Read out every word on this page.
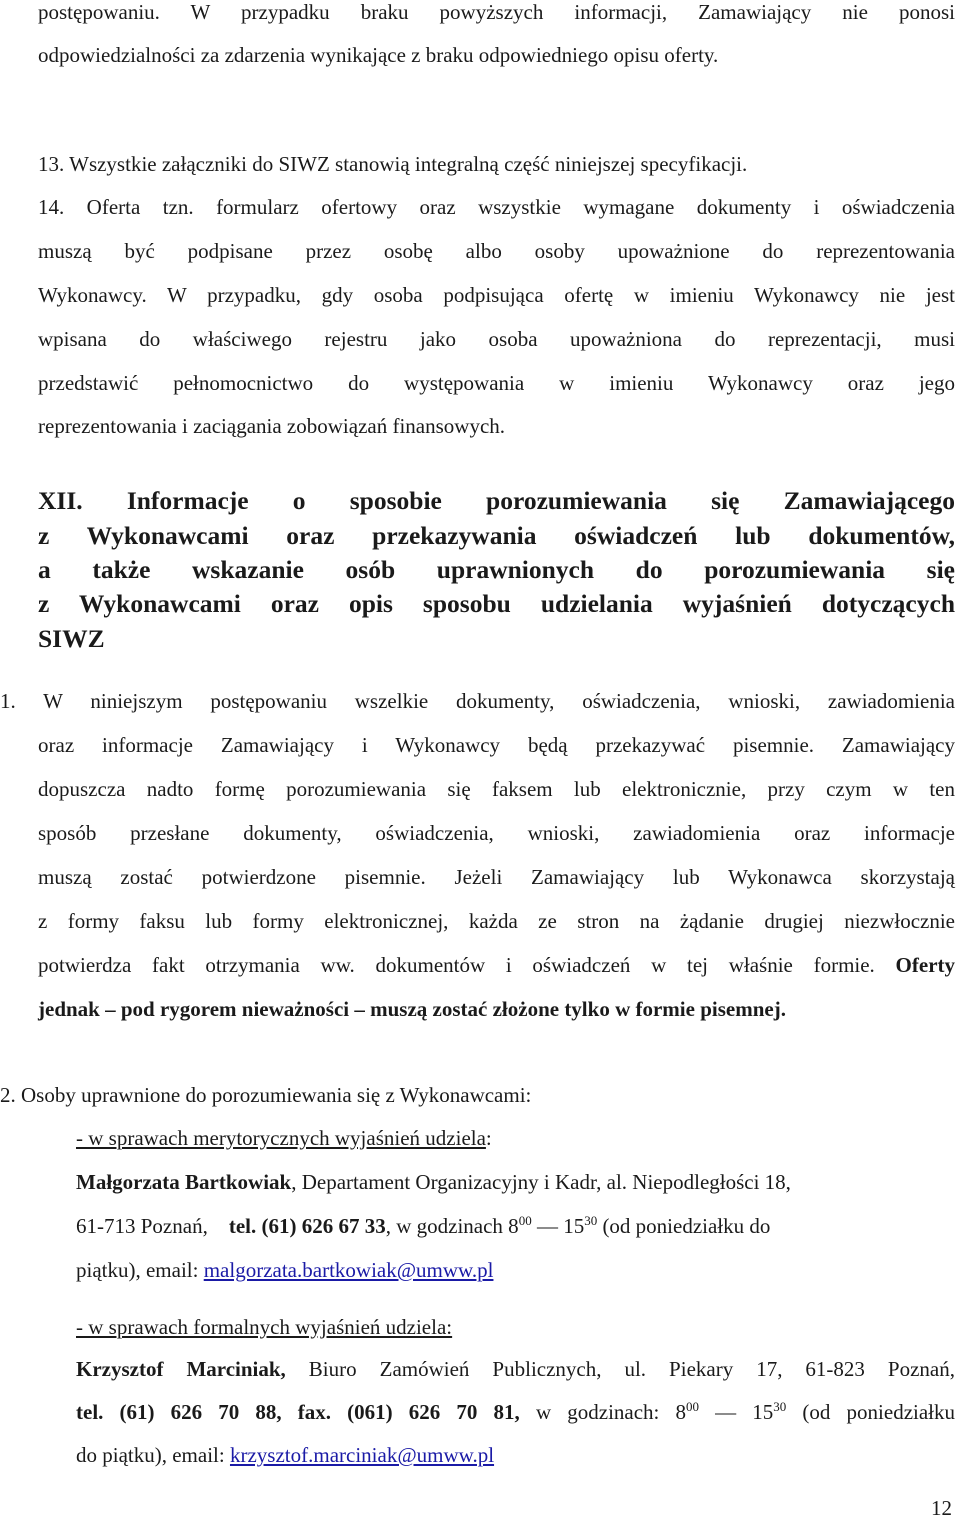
postępowaniu. W przypadku braku powyższych informacji, Zamawiający nie ponosi
odpowiedzialności za zdarzenia wynikające z braku odpowiedniego opisu oferty.
13. Wszystkie załączniki do SIWZ stanowią integralną część niniejszej specyfikacji.
14. Oferta tzn. formularz ofertowy oraz wszystkie wymagane dokumenty i oświadczenia
muszą być podpisane przez osobę albo osoby upoważnione do reprezentowania
Wykonawcy. W przypadku, gdy osoba podpisująca ofertę w imieniu Wykonawcy nie jest
wpisana do właściwego rejestru jako osoba upoważniona do reprezentacji, musi
przedstawić pełnomocnictwo do występowania w imieniu Wykonawcy oraz jego
reprezentowania i zaciągania zobowiązań finansowych.
XII. Informacje o sposobie porozumiewania się Zamawiającego
z Wykonawcami oraz przekazywania oświadczeń lub dokumentów,
a także wskazanie osób uprawnionych do porozumiewania się
z Wykonawcami oraz opis sposobu udzielania wyjaśnień dotyczących
SIWZ
1. W niniejszym postępowaniu wszelkie dokumenty, oświadczenia, wnioski, zawiadomienia
oraz informacje Zamawiający i Wykonawcy będą przekazywać pisemnie. Zamawiający
dopuszcza nadto formę porozumiewania się faksem lub elektronicznie, przy czym w ten
sposób przesłane dokumenty, oświadczenia, wnioski, zawiadomienia oraz informacje
muszą zostać potwierdzone pisemnie. Jeżeli Zamawiający lub Wykonawca skorzystają
z formy faksu lub formy elektronicznej, każda ze stron na żądanie drugiej niezwłocznie
potwierdza fakt otrzymania ww. dokumentów i oświadczeń w tej właśnie formie. Oferty
jednak – pod rygorem nieważności – muszą zostać złożone tylko w formie pisemnej.
2. Osoby uprawnione do porozumiewania się z Wykonawcami:
- w sprawach merytorycznych wyjaśnień udziela:
Małgorzata Bartkowiak, Departament Organizacyjny i Kadr, al. Niepodległości 18,
61-713 Poznań, tel. (61) 626 67 33, w godzinach $8^{00}$ — $15^{30}$ (od poniedziałku do
piątku), email: malgorzata.bartkowiak@umww.pl
- w sprawach formalnych wyjaśnień udziela:
Krzysztof Marciniak, Biuro Zamówień Publicznych, ul. Piekary 17, 61-823 Poznań,
tel. (61) 626 70 88, fax. (061) 626 70 81, w godzinach: $8^{00}$ — $15^{30}$ (od poniedziałku
do piątku), email: krzysztof.marciniak@umww.pl
12
